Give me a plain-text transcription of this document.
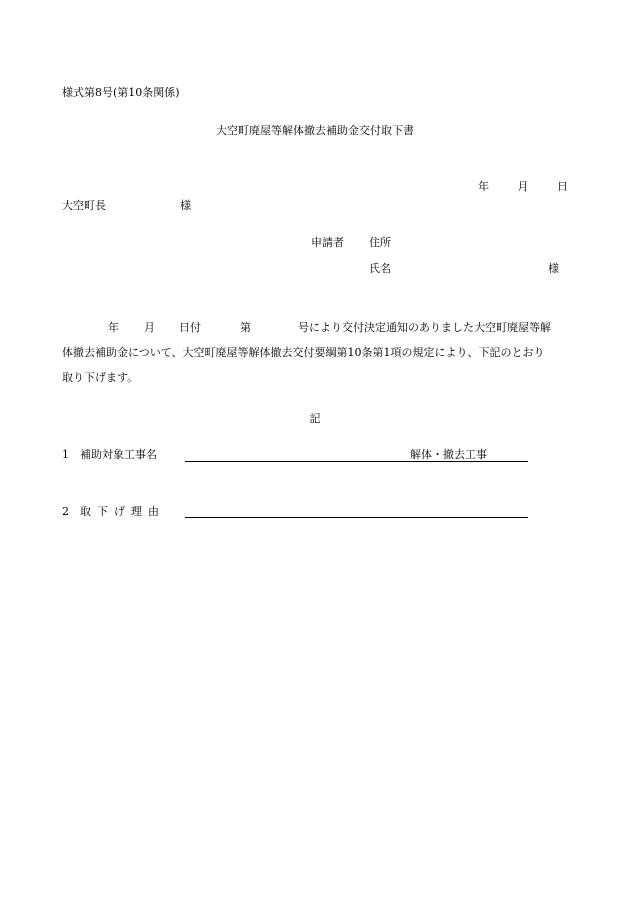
様式第8号(第10条関係)
大空町廃屋等解体撤去補助金交付取下書
年	月	日
大空町長	様
申請者 住所
氏名	様
年 月 日付	第	号により交付決定通知のありました大空町廃屋等解
体撤去補助金について、大空町廃屋等解体撤去交付要綱第10条第1項の規定により、下記のとおり
取り下げます。
記
1 補助対象工事名	解体・撤去工事
2 取下げ理由
